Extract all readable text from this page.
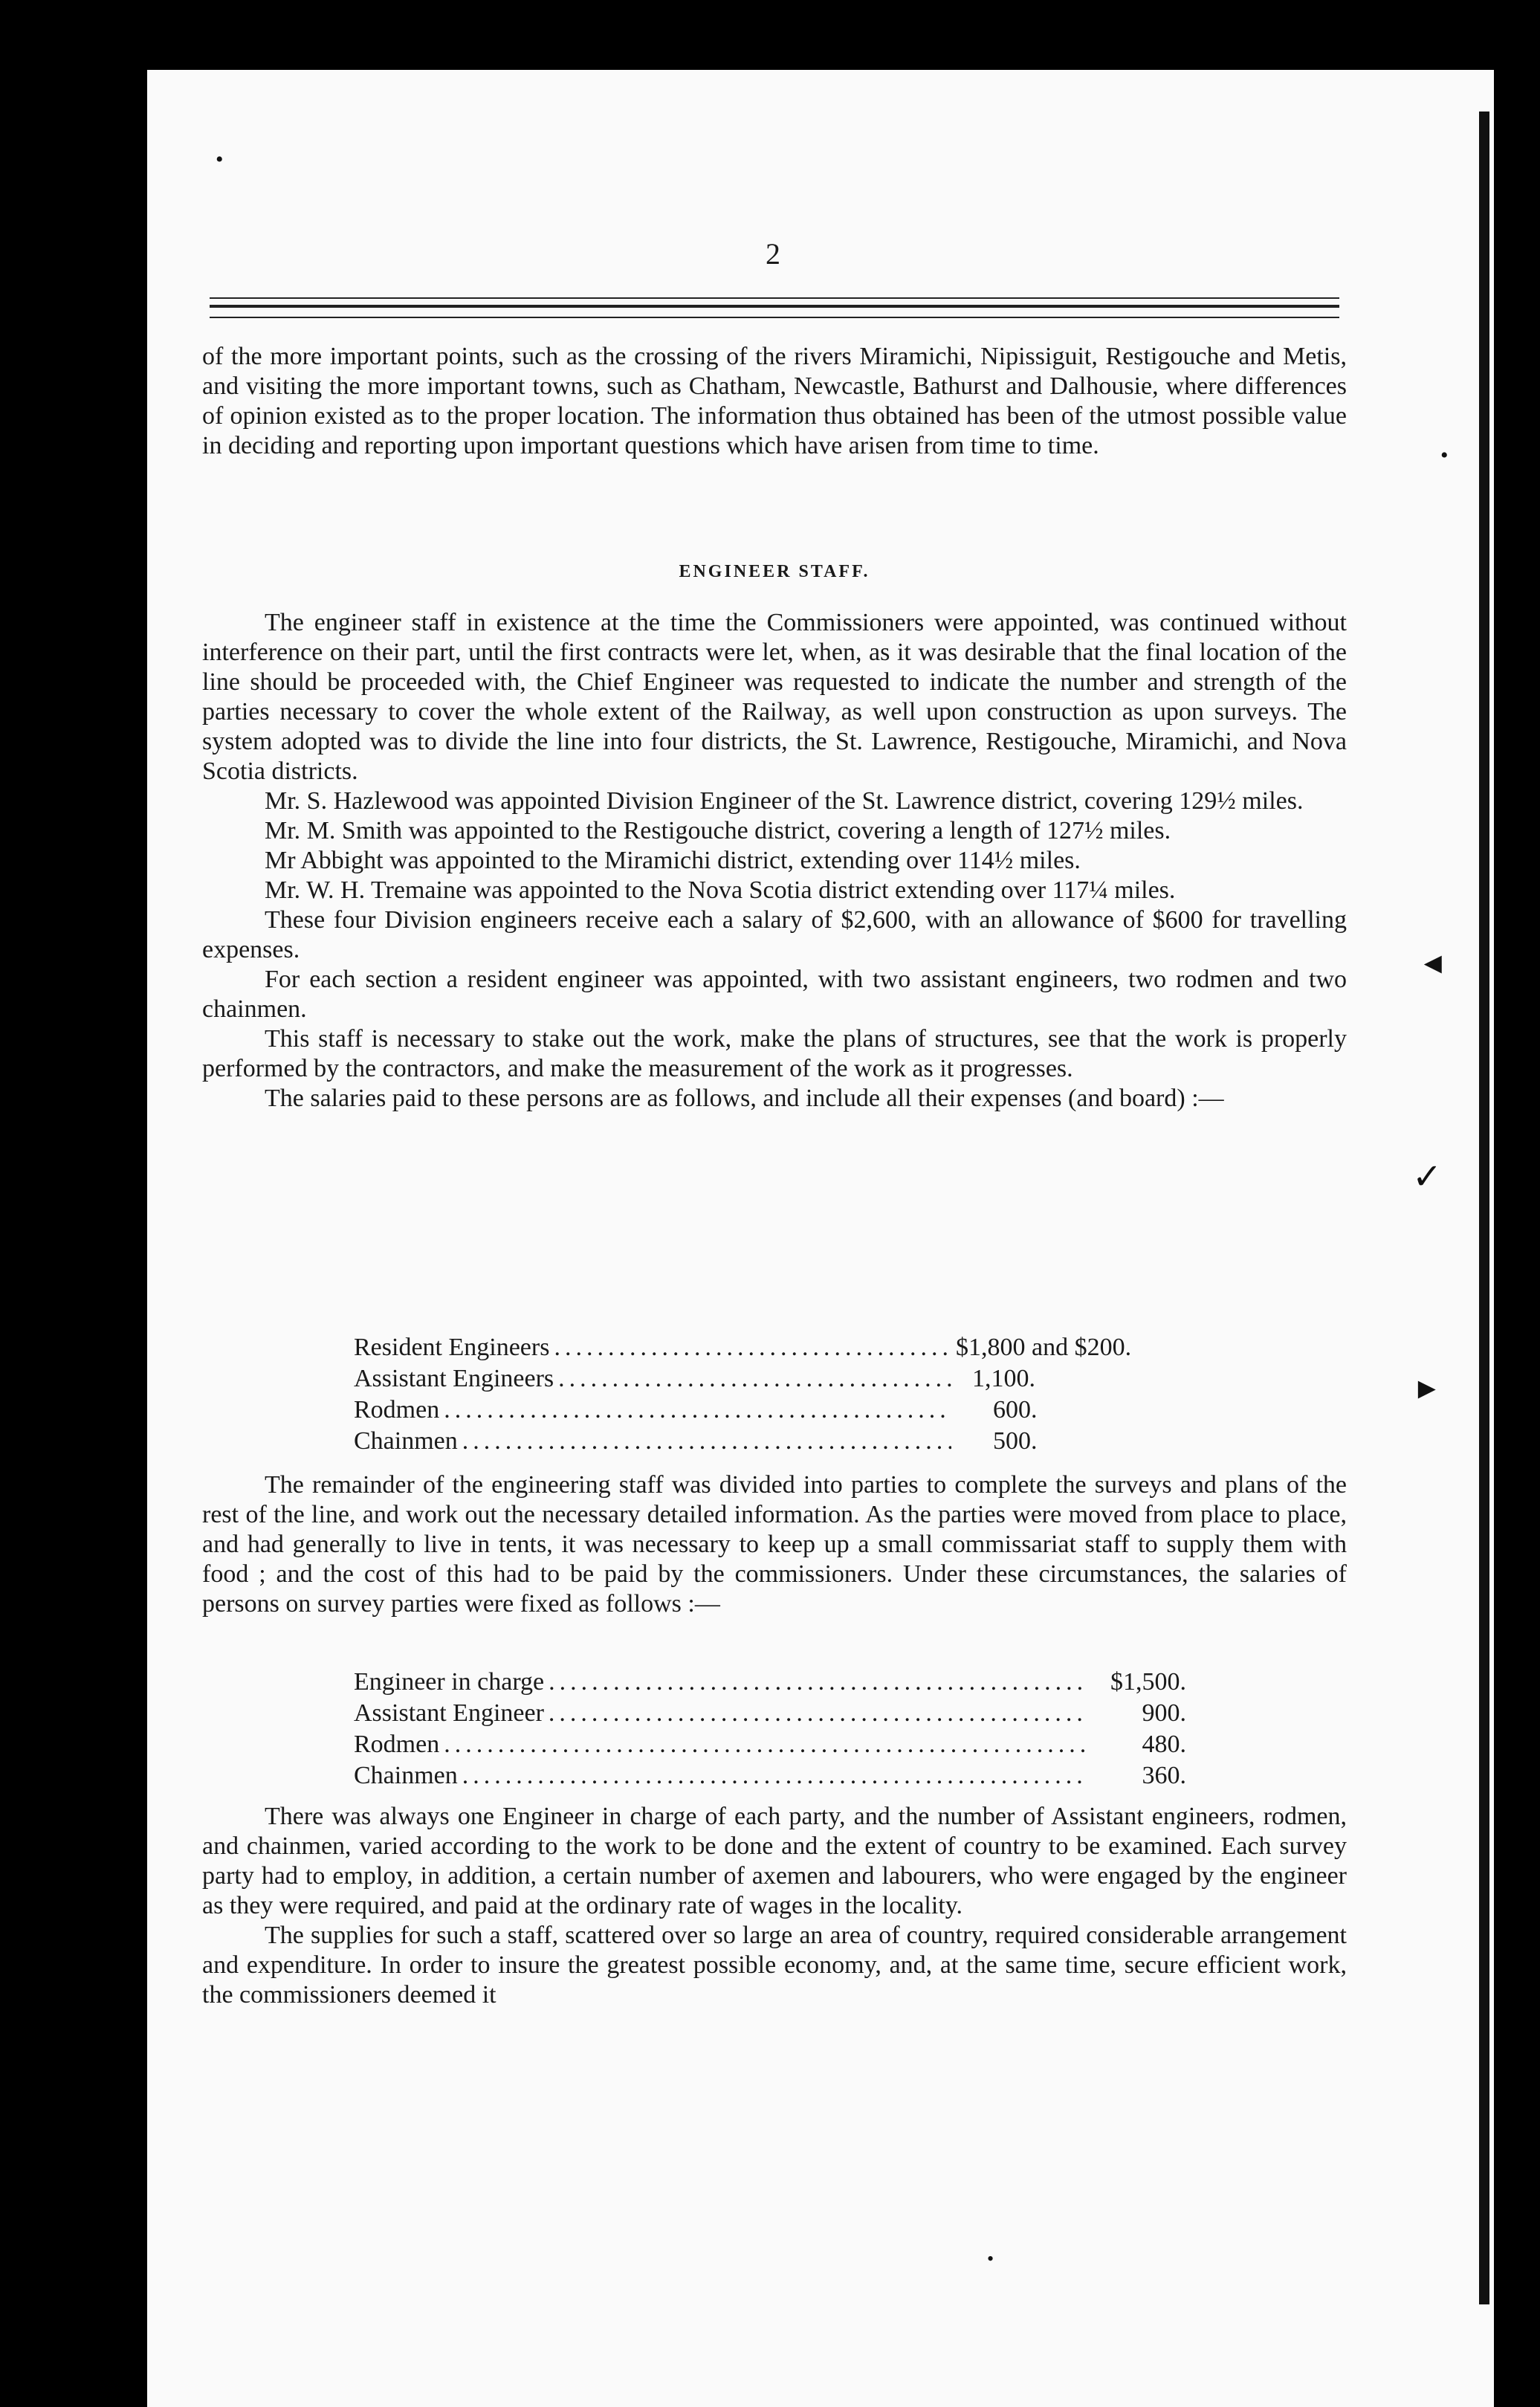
•
•
◄
✓
►
•
2

of the more important points, such as the crossing of the rivers Miramichi, Nipissiguit, Restigouche and Metis, and visiting the more important towns, such as Chatham, Newcastle, Bathurst and Dalhousie, where differences of opinion existed as to the proper location. The information thus obtained has been of the utmost possible value in deciding and reporting upon important questions which have arisen from time to time.

ENGINEER STAFF.

The engineer staff in existence at the time the Commissioners were appointed, was continued without interference on their part, until the first contracts were let, when, as it was desirable that the final location of the line should be proceeded with, the Chief Engineer was requested to indicate the number and strength of the parties necessary to cover the whole extent of the Railway, as well upon construction as upon surveys. The system adopted was to divide the line into four districts, the St. Lawrence, Restigouche, Miramichi, and Nova Scotia districts.

Mr. S. Hazlewood was appointed Division Engineer of the St. Lawrence district, covering 129½ miles.

Mr. M. Smith was appointed to the Restigouche district, covering a length of 127½ miles.

Mr Abbight was appointed to the Miramichi district, extending over 114½ miles.

Mr. W. H. Tremaine was appointed to the Nova Scotia district extending over 117¼ miles.

These four Division engineers receive each a salary of $2,600, with an allowance of $600 for travelling expenses.

For each section a resident engineer was appointed, with two assistant engineers, two rodmen and two chainmen.

This staff is necessary to stake out the work, make the plans of structures, see that the work is properly performed by the contractors, and make the measurement of the work as it progresses.

The salaries paid to these persons are as follows, and include all their expenses (and board) :—

Resident Engineers .....	$1,800 and $200.
Assistant Engineers .....	1,100.
Rodmen .....	600.
Chainmen .....	500.

The remainder of the engineering staff was divided into parties to complete the surveys and plans of the rest of the line, and work out the necessary detailed information. As the parties were moved from place to place, and had generally to live in tents, it was necessary to keep up a small commissariat staff to supply them with food ; and the cost of this had to be paid by the commissioners. Under these circumstances, the salaries of persons on survey parties were fixed as follows :—

Engineer in charge .....	$1,500.
Assistant Engineer .....	900.
Rodmen .....	480.
Chainmen .....	360.

There was always one Engineer in charge of each party, and the number of Assistant engineers, rodmen, and chainmen, varied according to the work to be done and the extent of country to be examined. Each survey party had to employ, in addition, a certain number of axemen and labourers, who were engaged by the engineer as they were required, and paid at the ordinary rate of wages in the locality.

The supplies for such a staff, scattered over so large an area of country, required considerable arrangement and expenditure. In order to insure the greatest possible economy, and, at the same time, secure efficient work, the commissioners deemed it
